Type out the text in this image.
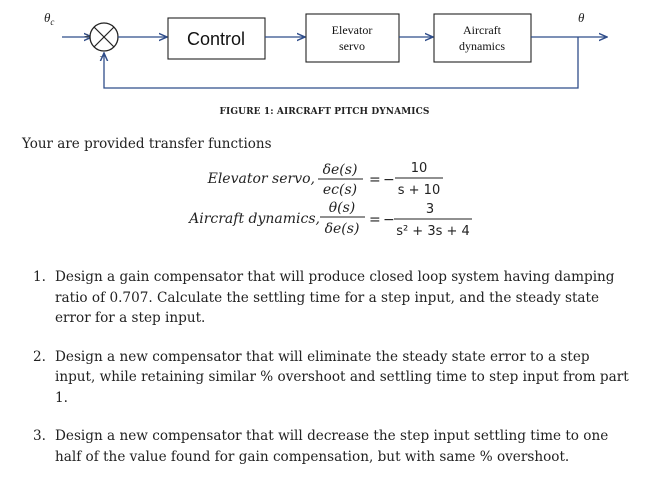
$\theta_c$
+
–
Control	Elevator
servo
Aircraft
dynamics
θ
FIGURE 1: AIRCRAFT PITCH DYNAMICS
Your are provided transfer functions
Elevator servo,
δe(s)
ec(s)
= −
10
s + 10
Aircraft dynamics,
θ(s)
δe(s)
= −
3
s² + 3s + 4
1. Design a gain compensator that will produce closed loop system having damping ratio of 0.707. Calculate the settling time for a step input, and the steady state error for a step input.
2. Design a new compensator that will eliminate the steady state error to a step input, while retaining similar % overshoot and settling time to step input from part 1.
3. Design a new compensator that will decrease the step input settling time to one half of the value found for gain compensation, but with same % overshoot.
